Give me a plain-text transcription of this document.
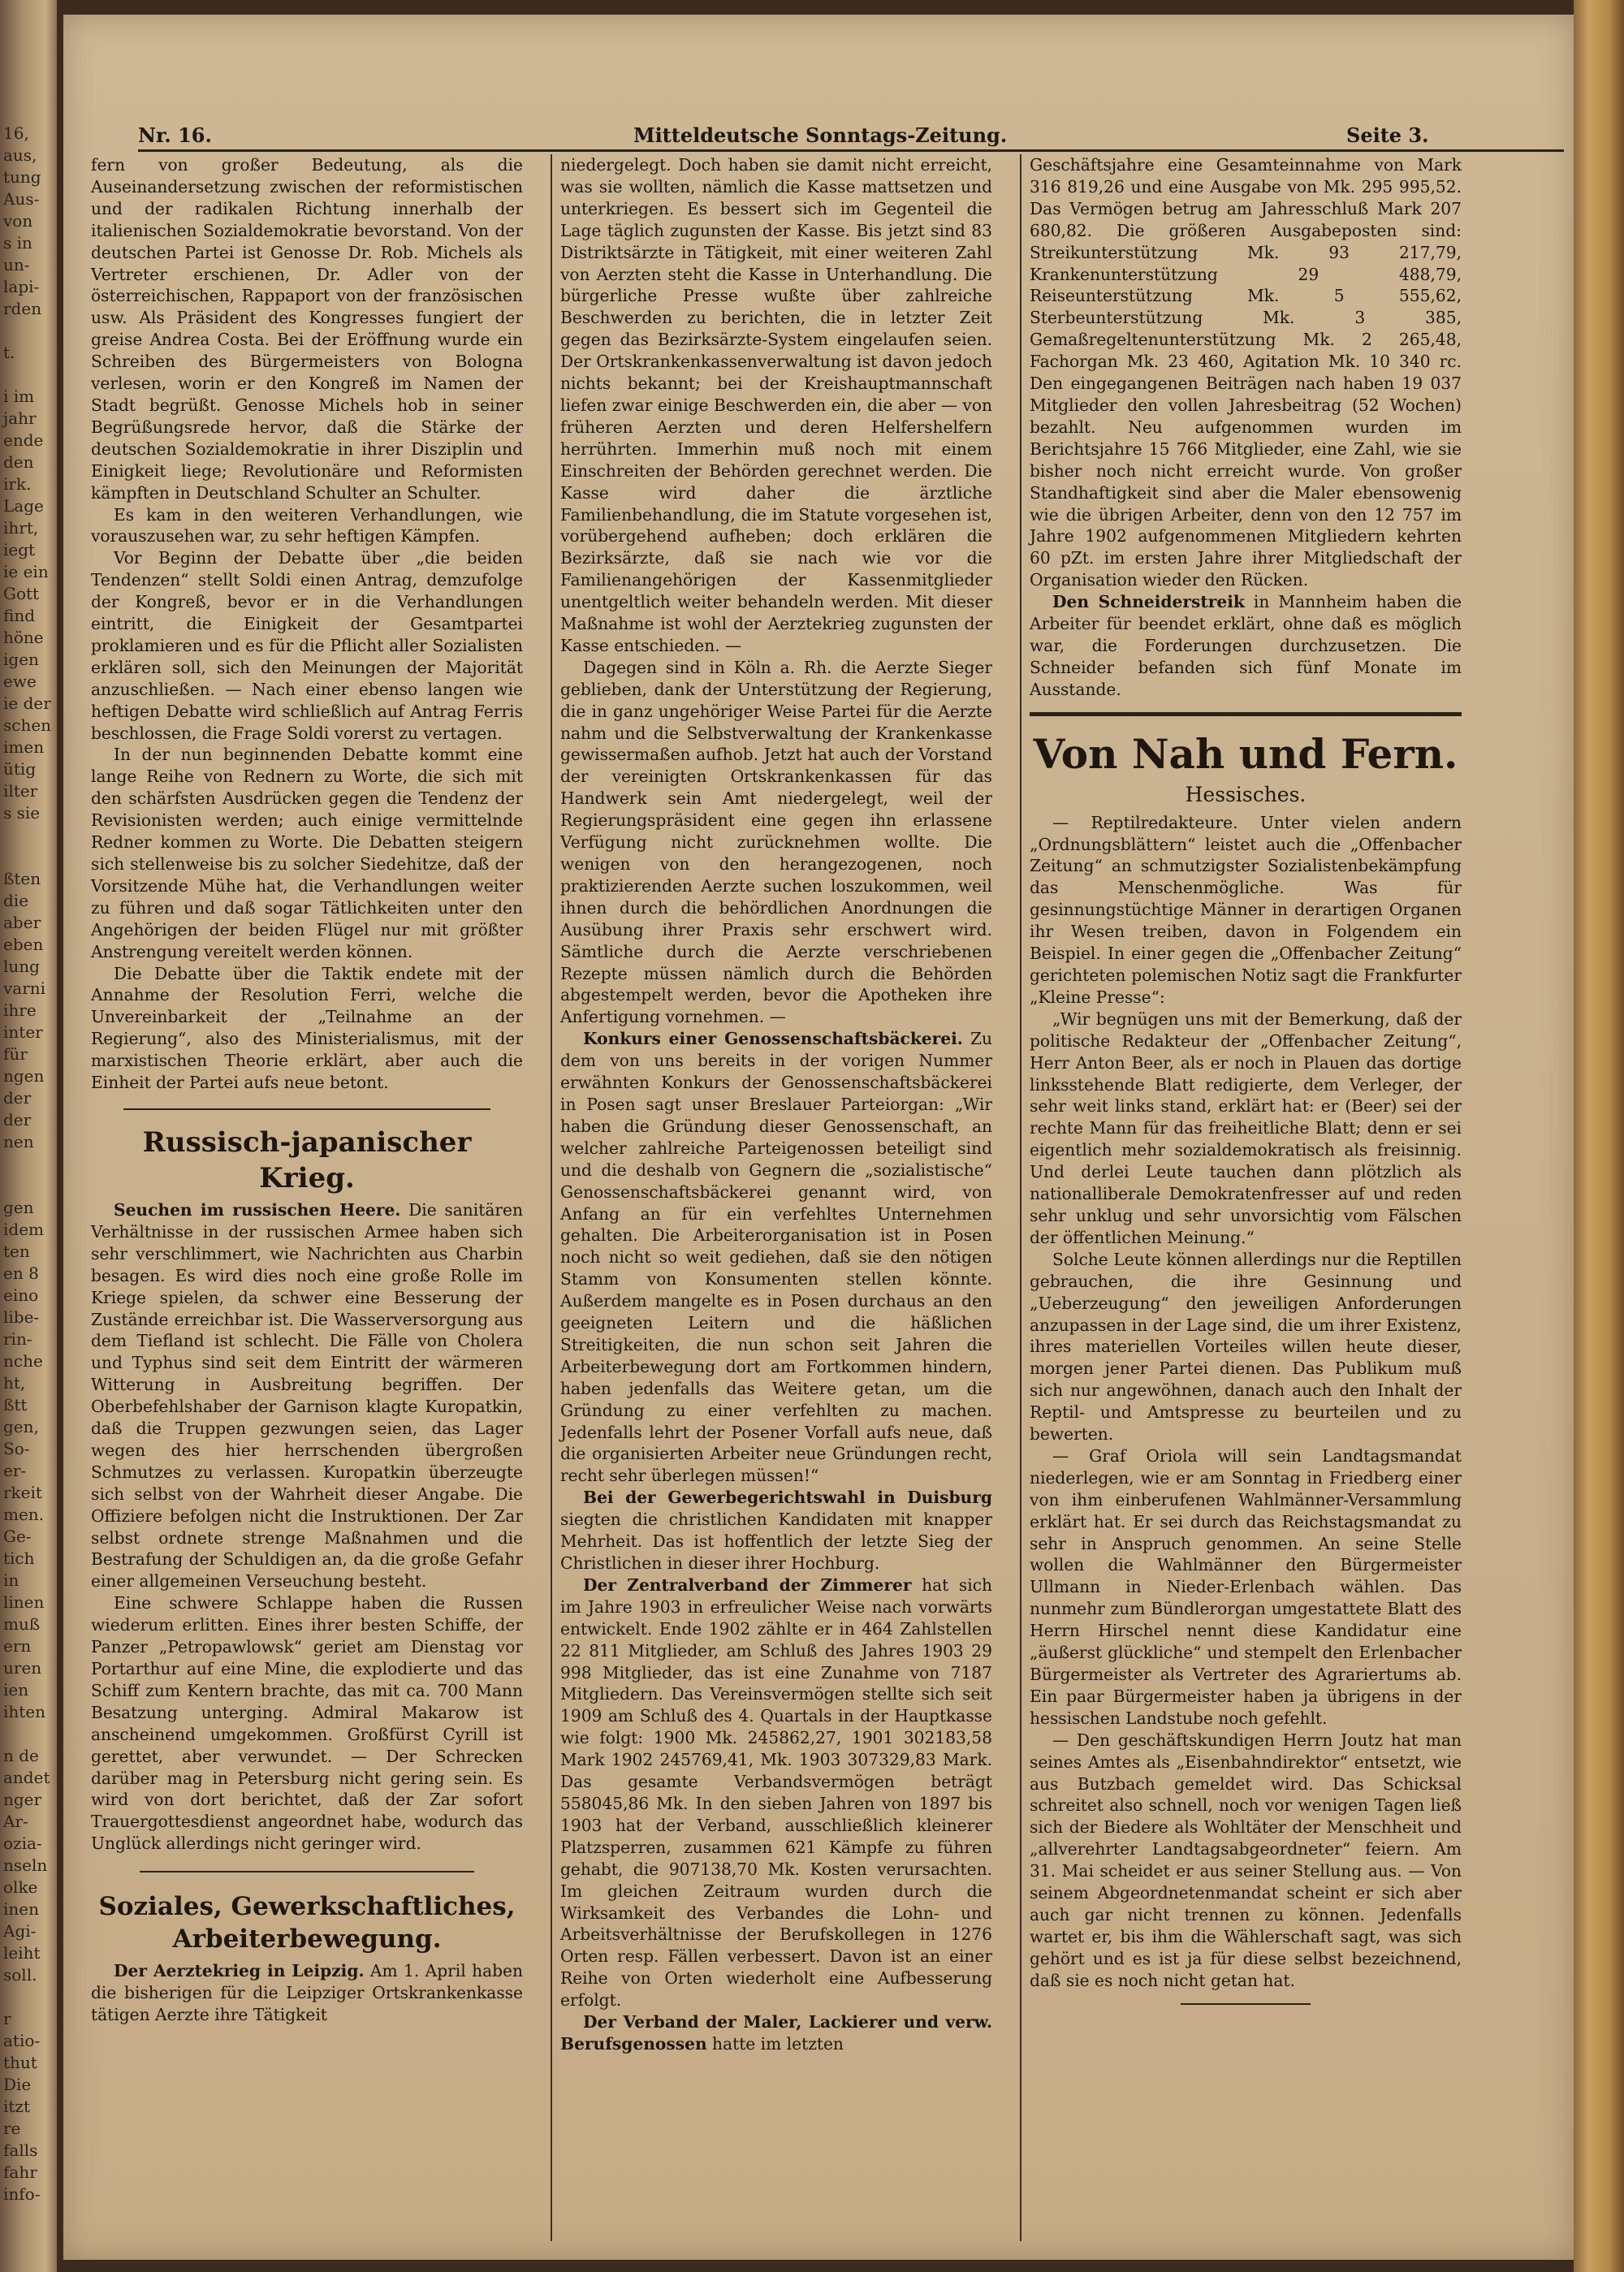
16,
aus,
tung
Aus-
von
s in
un-
lapi-
rden
t.
i im
jahr
ende
den
irk.
Lage
ihrt,
iegt
ie ein
Gott
find
höne
igen
ewe
ie der
schen
imen
ütig
ilter
s sie
ßten
die
aber
eben
lung
varni
ihre
inter
für
ngen
der
der
nen
gen
idem
ten
en 8
eino
libe-
rin-
nche
ht,
ßtt
gen,
So-
er-
rkeit
men.
Ge-
tich
in
linen
muß
ern
uren
ien
ihten
n de
andet
nger
Ar-
ozia-
nseln
olke
inen
Agi-
leiht
soll.
r
atio-
thut
Die
itzt
re
falls
fahr
info-
Nr. 16.	Mitteldeutsche Sonntags-Zeitung.	Seite 3.

fern von großer Bedeutung, als die Auseinandersetzung zwischen der reformistischen und der radikalen Richtung innerhalb der italienischen Sozialdemokratie bevorstand. Von der deutschen Partei ist Genosse Dr. Rob. Michels als Vertreter erschienen, Dr. Adler von der österreichischen, Rappaport von der französischen usw. Als Präsident des Kongresses fungiert der greise Andrea Costa. Bei der Eröffnung wurde ein Schreiben des Bürgermeisters von Bologna verlesen, worin er den Kongreß im Namen der Stadt begrüßt. Genosse Michels hob in seiner Begrüßungsrede hervor, daß die Stärke der deutschen Sozialdemokratie in ihrer Disziplin und Einigkeit liege; Revolutionäre und Reformisten kämpften in Deutschland Schulter an Schulter.

Es kam in den weiteren Verhandlungen, wie vorauszusehen war, zu sehr heftigen Kämpfen.

Vor Beginn der Debatte über „die beiden Tendenzen“ stellt Soldi einen Antrag, demzufolge der Kongreß, bevor er in die Verhandlungen eintritt, die Einigkeit der Gesamtpartei proklamieren und es für die Pflicht aller Sozialisten erklären soll, sich den Meinungen der Majorität anzuschließen. — Nach einer ebenso langen wie heftigen Debatte wird schließlich auf Antrag Ferris beschlossen, die Frage Soldi vorerst zu vertagen.

In der nun beginnenden Debatte kommt eine lange Reihe von Rednern zu Worte, die sich mit den schärfsten Ausdrücken gegen die Tendenz der Revisionisten werden; auch einige vermittelnde Redner kommen zu Worte. Die Debatten steigern sich stellenweise bis zu solcher Siedehitze, daß der Vorsitzende Mühe hat, die Verhandlungen weiter zu führen und daß sogar Tätlichkeiten unter den Angehörigen der beiden Flügel nur mit größter Anstrengung vereitelt werden können.

Die Debatte über die Taktik endete mit der Annahme der Resolution Ferri, welche die Unvereinbarkeit der „Teilnahme an der Regierung“, also des Ministerialismus, mit der marxistischen Theorie erklärt, aber auch die Einheit der Partei aufs neue betont.

Russisch-japanischer Krieg.

Seuchen im russischen Heere. Die sanitären Verhältnisse in der russischen Armee haben sich sehr verschlimmert, wie Nachrichten aus Charbin besagen. Es wird dies noch eine große Rolle im Kriege spielen, da schwer eine Besserung der Zustände erreichbar ist. Die Wasserversorgung aus dem Tiefland ist schlecht. Die Fälle von Cholera und Typhus sind seit dem Eintritt der wärmeren Witterung in Ausbreitung begriffen. Der Oberbefehlshaber der Garnison klagte Kuropatkin, daß die Truppen gezwungen seien, das Lager wegen des hier herrschenden übergroßen Schmutzes zu verlassen. Kuropatkin überzeugte sich selbst von der Wahrheit dieser Angabe. Die Offiziere befolgen nicht die Instruktionen. Der Zar selbst ordnete strenge Maßnahmen und die Bestrafung der Schuldigen an, da die große Gefahr einer allgemeinen Verseuchung besteht.

Eine schwere Schlappe haben die Russen wiederum erlitten. Eines ihrer besten Schiffe, der Panzer „Petropawlowsk“ geriet am Dienstag vor Portarthur auf eine Mine, die explodierte und das Schiff zum Kentern brachte, das mit ca. 700 Mann Besatzung unterging. Admiral Makarow ist anscheinend umgekommen. Großfürst Cyrill ist gerettet, aber verwundet. — Der Schrecken darüber mag in Petersburg nicht gering sein. Es wird von dort berichtet, daß der Zar sofort Trauergottesdienst angeordnet habe, wodurch das Unglück allerdings nicht geringer wird.

Soziales, Gewerkschaftliches, Arbeiterbewegung.

Der Aerztekrieg in Leipzig. Am 1. April haben die bisherigen für die Leipziger Ortskrankenkasse tätigen Aerzte ihre Tätigkeit

niedergelegt. Doch haben sie damit nicht erreicht, was sie wollten, nämlich die Kasse mattsetzen und unterkriegen. Es bessert sich im Gegenteil die Lage täglich zugunsten der Kasse. Bis jetzt sind 83 Distriktsärzte in Tätigkeit, mit einer weiteren Zahl von Aerzten steht die Kasse in Unterhandlung. Die bürgerliche Presse wußte über zahlreiche Beschwerden zu berichten, die in letzter Zeit gegen das Bezirksärzte-System eingelaufen seien. Der Ortskrankenkassenverwaltung ist davon jedoch nichts bekannt; bei der Kreishauptmannschaft liefen zwar einige Beschwerden ein, die aber — von früheren Aerzten und deren Helfershelfern herrührten. Immerhin muß noch mit einem Einschreiten der Behörden gerechnet werden. Die Kasse wird daher die ärztliche Familienbehandlung, die im Statute vorgesehen ist, vorübergehend aufheben; doch erklären die Bezirksärzte, daß sie nach wie vor die Familienangehörigen der Kassenmitglieder unentgeltlich weiter behandeln werden. Mit dieser Maßnahme ist wohl der Aerztekrieg zugunsten der Kasse entschieden. —

Dagegen sind in Köln a. Rh. die Aerzte Sieger geblieben, dank der Unterstützung der Regierung, die in ganz ungehöriger Weise Partei für die Aerzte nahm und die Selbstverwaltung der Krankenkasse gewissermaßen aufhob. Jetzt hat auch der Vorstand der vereinigten Ortskrankenkassen für das Handwerk sein Amt niedergelegt, weil der Regierungspräsident eine gegen ihn erlassene Verfügung nicht zurücknehmen wollte. Die wenigen von den herangezogenen, noch praktizierenden Aerzte suchen loszukommen, weil ihnen durch die behördlichen Anordnungen die Ausübung ihrer Praxis sehr erschwert wird. Sämtliche durch die Aerzte verschriebenen Rezepte müssen nämlich durch die Behörden abgestempelt werden, bevor die Apotheken ihre Anfertigung vornehmen. —

Konkurs einer Genossenschaftsbäckerei. Zu dem von uns bereits in der vorigen Nummer erwähnten Konkurs der Genossenschaftsbäckerei in Posen sagt unser Breslauer Parteiorgan: „Wir haben die Gründung dieser Genossenschaft, an welcher zahlreiche Parteigenossen beteiligt sind und die deshalb von Gegnern die „sozialistische“ Genossenschaftsbäckerei genannt wird, von Anfang an für ein verfehltes Unternehmen gehalten. Die Arbeiterorganisation ist in Posen noch nicht so weit gediehen, daß sie den nötigen Stamm von Konsumenten stellen könnte. Außerdem mangelte es in Posen durchaus an den geeigneten Leitern und die häßlichen Streitigkeiten, die nun schon seit Jahren die Arbeiterbewegung dort am Fortkommen hindern, haben jedenfalls das Weitere getan, um die Gründung zu einer verfehlten zu machen. Jedenfalls lehrt der Posener Vorfall aufs neue, daß die organisierten Arbeiter neue Gründungen recht, recht sehr überlegen müssen!“

Bei der Gewerbegerichtswahl in Duisburg siegten die christlichen Kandidaten mit knapper Mehrheit. Das ist hoffentlich der letzte Sieg der Christlichen in dieser ihrer Hochburg.

Der Zentralverband der Zimmerer hat sich im Jahre 1903 in erfreulicher Weise nach vorwärts entwickelt. Ende 1902 zählte er in 464 Zahlstellen 22 811 Mitglieder, am Schluß des Jahres 1903 29 998 Mitglieder, das ist eine Zunahme von 7187 Mitgliedern. Das Vereinsvermögen stellte sich seit 1909 am Schluß des 4. Quartals in der Hauptkasse wie folgt: 1900 Mk. 245862,27, 1901 302183,58 Mark 1902 245769,41, Mk. 1903 307329,83 Mark. Das gesamte Verbandsvermögen beträgt 558045,86 Mk. In den sieben Jahren von 1897 bis 1903 hat der Verband, ausschließlich kleinerer Platzsperren, zusammen 621 Kämpfe zu führen gehabt, die 907138,70 Mk. Kosten verursachten. Im gleichen Zeitraum wurden durch die Wirksamkeit des Verbandes die Lohn- und Arbeitsverhältnisse der Berufskollegen in 1276 Orten resp. Fällen verbessert. Davon ist an einer Reihe von Orten wiederholt eine Aufbesserung erfolgt.

Der Verband der Maler, Lackierer und verw. Berufsgenossen hatte im letzten

Geschäftsjahre eine Gesamteinnahme von Mark 316 819,26 und eine Ausgabe von Mk. 295 995,52. Das Vermögen betrug am Jahresschluß Mark 207 680,82. Die größeren Ausgabeposten sind: Streikunterstützung Mk. 93 217,79, Krankenunterstützung 29 488,79, Reiseunterstützung Mk. 5 555,62, Sterbeunterstützung Mk. 3 385, Gemaßregeltenunterstützung Mk. 2 265,48, Fachorgan Mk. 23 460, Agitation Mk. 10 340 rc. Den eingegangenen Beiträgen nach haben 19 037 Mitglieder den vollen Jahresbeitrag (52 Wochen) bezahlt. Neu aufgenommen wurden im Berichtsjahre 15 766 Mitglieder, eine Zahl, wie sie bisher noch nicht erreicht wurde. Von großer Standhaftigkeit sind aber die Maler ebensowenig wie die übrigen Arbeiter, denn von den 12 757 im Jahre 1902 aufgenommenen Mitgliedern kehrten 60 pZt. im ersten Jahre ihrer Mitgliedschaft der Organisation wieder den Rücken.

Den Schneiderstreik in Mannheim haben die Arbeiter für beendet erklärt, ohne daß es möglich war, die Forderungen durchzusetzen. Die Schneider befanden sich fünf Monate im Ausstande.

Von Nah und Fern.
Hessisches.

— Reptilredakteure. Unter vielen andern „Ordnungsblättern“ leistet auch die „Offenbacher Zeitung“ an schmutzigster Sozialistenbekämpfung das Menschenmögliche. Was für gesinnungstüchtige Männer in derartigen Organen ihr Wesen treiben, davon in Folgendem ein Beispiel. In einer gegen die „Offenbacher Zeitung“ gerichteten polemischen Notiz sagt die Frankfurter „Kleine Presse“:

„Wir begnügen uns mit der Bemerkung, daß der politische Redakteur der „Offenbacher Zeitung“, Herr Anton Beer, als er noch in Plauen das dortige linksstehende Blatt redigierte, dem Verleger, der sehr weit links stand, erklärt hat: er (Beer) sei der rechte Mann für das freiheitliche Blatt; denn er sei eigentlich mehr sozialdemokratisch als freisinnig. Und derlei Leute tauchen dann plötzlich als nationalliberale Demokratenfresser auf und reden sehr unklug und sehr unvorsichtig vom Fälschen der öffentlichen Meinung.“

Solche Leute können allerdings nur die Reptillen gebrauchen, die ihre Gesinnung und „Ueberzeugung“ den jeweiligen Anforderungen anzupassen in der Lage sind, die um ihrer Existenz, ihres materiellen Vorteiles willen heute dieser, morgen jener Partei dienen. Das Publikum muß sich nur angewöhnen, danach auch den Inhalt der Reptil- und Amtspresse zu beurteilen und zu bewerten.

— Graf Oriola will sein Landtagsmandat niederlegen, wie er am Sonntag in Friedberg einer von ihm einberufenen Wahlmänner-Versammlung erklärt hat. Er sei durch das Reichstagsmandat zu sehr in Anspruch genommen. An seine Stelle wollen die Wahlmänner den Bürgermeister Ullmann in Nieder-Erlenbach wählen. Das nunmehr zum Bündlerorgan umgestattete Blatt des Herrn Hirschel nennt diese Kandidatur eine „äußerst glückliche“ und stempelt den Erlenbacher Bürgermeister als Vertreter des Agrariertums ab. Ein paar Bürgermeister haben ja übrigens in der hessischen Landstube noch gefehlt.

— Den geschäftskundigen Herrn Joutz hat man seines Amtes als „Eisenbahndirektor“ entsetzt, wie aus Butzbach gemeldet wird. Das Schicksal schreitet also schnell, noch vor wenigen Tagen ließ sich der Biedere als Wohltäter der Menschheit und „allverehrter Landtagsabgeordneter“ feiern. Am 31. Mai scheidet er aus seiner Stellung aus. — Von seinem Abgeordnetenmandat scheint er sich aber auch gar nicht trennen zu können. Jedenfalls wartet er, bis ihm die Wählerschaft sagt, was sich gehört und es ist ja für diese selbst bezeichnend, daß sie es noch nicht getan hat.
